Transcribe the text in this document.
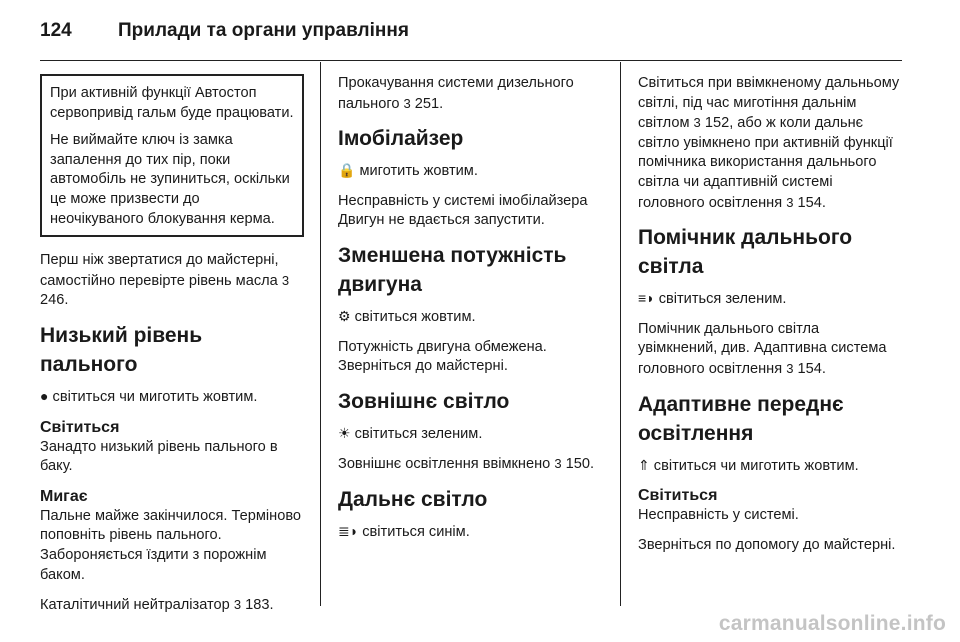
124 Прилади та органи управління

При активній функції Автостоп сервопривід гальм буде працювати.

Не виймайте ключ із замка запалення до тих пір, поки автомобіль не зупиниться, оскільки це може призвести до неочікуваного блокування керма.

Перш ніж звертатися до майстерні, самостійно перевірте рівень масла 3 246.

Низький рівень пального

● світиться чи миготить жовтим.

Світиться

Занадто низький рівень пального в баку.

Мигає

Пальне майже закінчилося. Терміново поповніть рівень пального. Забороняється їздити з порожнім баком.

Каталітичний нейтралізатор 3 183.

Прокачування системи дизельного пального 3 251.

Імобілайзер

🔒 миготить жовтим.

Несправність у системі імобілайзера Двигун не вдається запустити.

Зменшена потужність двигуна

⚙ світиться жовтим.

Потужність двигуна обмежена. Зверніться до майстерні.

Зовнішнє світло

☀ світиться зеленим.

Зовнішнє освітлення ввімкнено 3 150.

Дальнє світло

≣◗ світиться синім.

Світиться при ввімкненому дальньому світлі, під час миготіння дальнім світлом 3 152, або ж коли дальнє світло увімкнено при активній функції помічника використання дальнього світла чи адаптивній системі головного освітлення 3 154.

Помічник дальнього світла

≡◗ світиться зеленим.

Помічник дальнього світла увімкнений, див. Адаптивна система головного освітлення 3 154.

Адаптивне переднє освітлення

⇑ світиться чи миготить жовтим.

Світиться

Несправність у системі.

Зверніться по допомогу до майстерні.

carmanualsonline.info
